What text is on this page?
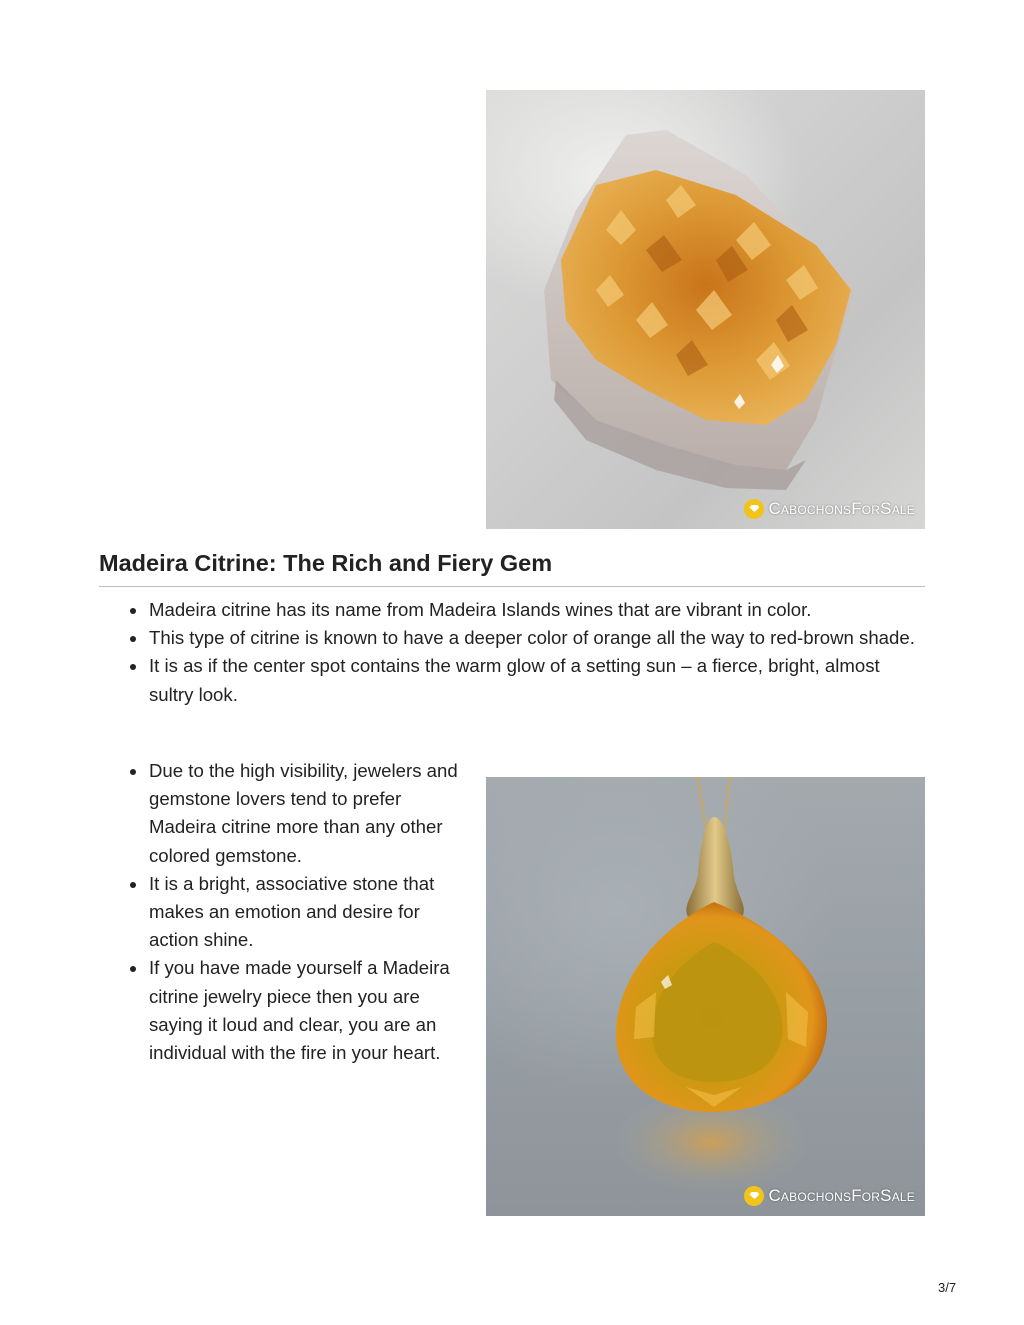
CabochonsForSale
Madeira Citrine: The Rich and Fiery Gem
Madeira citrine has its name from Madeira Islands wines that are vibrant in color.
This type of citrine is known to have a deeper color of orange all the way to red-brown shade.
It is as if the center spot contains the warm glow of a setting sun – a fierce, bright, almost sultry look.
Due to the high visibility, jewelers and gemstone lovers tend to prefer Madeira citrine more than any other colored gemstone.
It is a bright, associative stone that makes an emotion and desire for action shine.
If you have made yourself a Madeira citrine jewelry piece then you are saying it loud and clear, you are an individual with the fire in your heart.
CabochonsForSale
3/7
